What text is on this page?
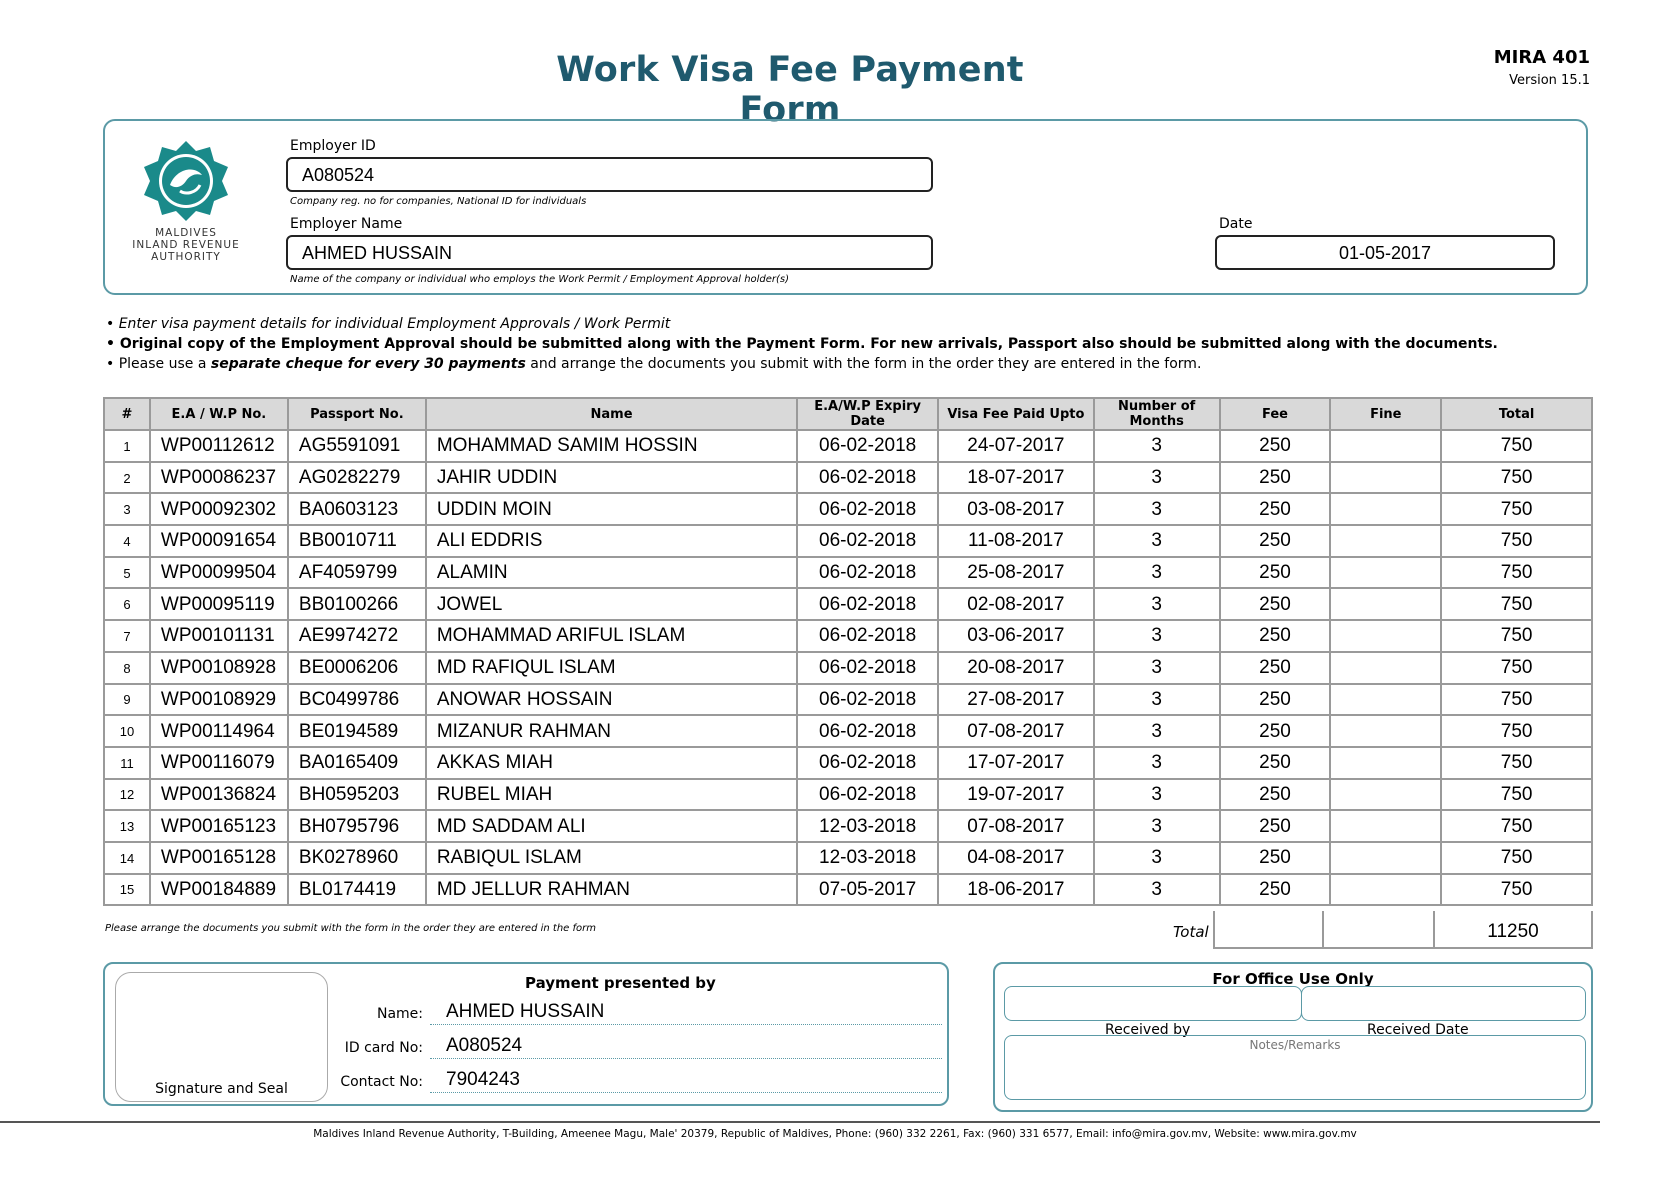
Work Visa Fee Payment Form
MIRA 401
Version 15.1
MALDIVES
INLAND REVENUE
AUTHORITY
Employer ID
A080524
Company reg. no for companies, National ID for individuals
Employer Name
AHMED HUSSAIN
Name of the company or individual who employs the Work Permit / Employment Approval holder(s)
Date
01-05-2017
• Enter visa payment details for individual Employment Approvals / Work Permit
• Original copy of the Employment Approval should be submitted along with the Payment Form. For new arrivals, Passport also should be submitted along with the documents.
• Please use a separate cheque for every 30 payments and arrange the documents you submit with the form in the order they are entered in the form.
#	E.A / W.P No.	Passport No.	Name	E.A/W.P Expiry Date	Visa Fee Paid Upto	Number of Months	Fee	Fine	Total
1	WP00112612	AG5591091	MOHAMMAD SAMIM HOSSIN	06-02-2018	24-07-2017	3	250		750
2	WP00086237	AG0282279	JAHIR UDDIN	06-02-2018	18-07-2017	3	250		750
3	WP00092302	BA0603123	UDDIN MOIN	06-02-2018	03-08-2017	3	250		750
4	WP00091654	BB0010711	ALI EDDRIS	06-02-2018	11-08-2017	3	250		750
5	WP00099504	AF4059799	ALAMIN	06-02-2018	25-08-2017	3	250		750
6	WP00095119	BB0100266	JOWEL	06-02-2018	02-08-2017	3	250		750
7	WP00101131	AE9974272	MOHAMMAD ARIFUL ISLAM	06-02-2018	03-06-2017	3	250		750
8	WP00108928	BE0006206	MD RAFIQUL ISLAM	06-02-2018	20-08-2017	3	250		750
9	WP00108929	BC0499786	ANOWAR HOSSAIN	06-02-2018	27-08-2017	3	250		750
10	WP00114964	BE0194589	MIZANUR RAHMAN	06-02-2018	07-08-2017	3	250		750
11	WP00116079	BA0165409	AKKAS MIAH	06-02-2018	17-07-2017	3	250		750
12	WP00136824	BH0595203	RUBEL MIAH	06-02-2018	19-07-2017	3	250		750
13	WP00165123	BH0795796	MD SADDAM ALI	12-03-2018	07-08-2017	3	250		750
14	WP00165128	BK0278960	RABIQUL ISLAM	12-03-2018	04-08-2017	3	250		750
15	WP00184889	BL0174419	MD JELLUR RAHMAN	07-05-2017	18-06-2017	3	250		750
Please arrange the documents you submit with the form in the order they are entered in the form	Total	11250
Signature and Seal
Payment presented by
Name:	AHMED HUSSAIN
ID card No:	A080524
Contact No:	7904243
For Office Use Only
Received by	Received Date
Notes/Remarks
Maldives Inland Revenue Authority, T-Building, Ameenee Magu, Male' 20379, Republic of Maldives, Phone: (960) 332 2261, Fax: (960) 331 6577, Email: info@mira.gov.mv, Website: www.mira.gov.mv
